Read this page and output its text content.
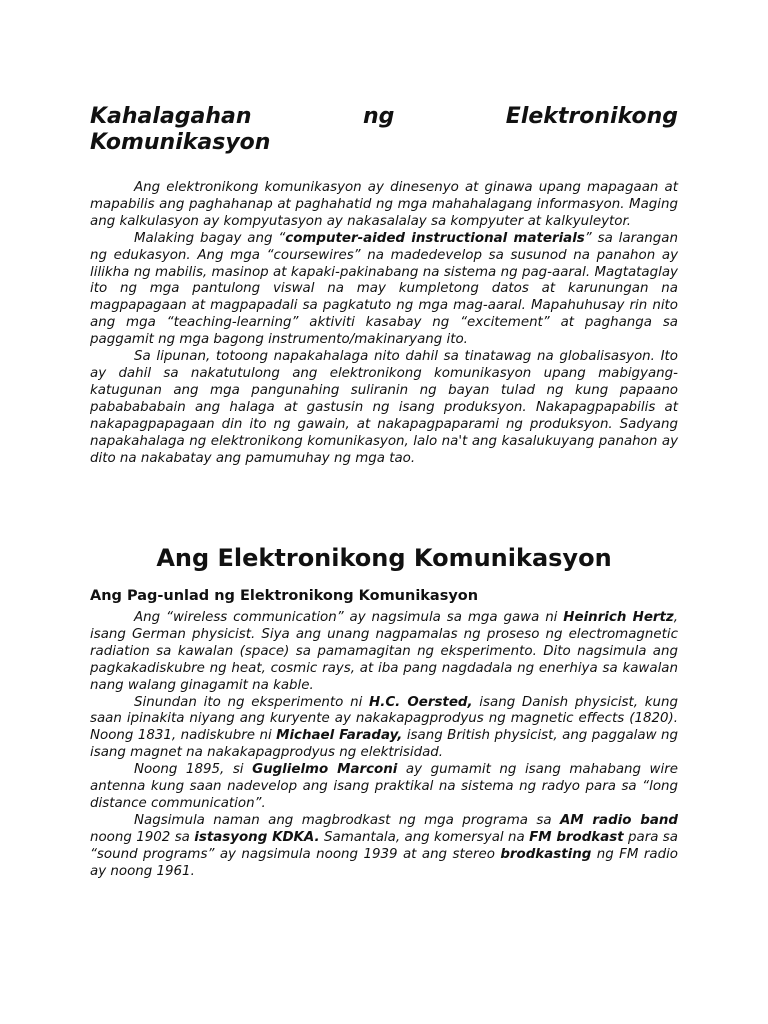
Kahalagahan	ng	Elektronikong
Komunikasyon

Ang elektronikong komunikasyon ay dinesenyo at ginawa upang mapagaan at mapabilis ang paghahanap at paghahatid ng mga mahahalagang informasyon. Maging ang kalkulasyon ay kompyutasyon ay nakasalalay sa kompyuter at kalkyuleytor.

Malaking bagay ang “computer-aided instructional materials” sa larangan ng edukasyon. Ang mga “coursewires” na madedevelop sa susunod na panahon ay lilikha ng mabilis, masinop at kapaki-pakinabang na sistema ng pag-aaral. Magtataglay ito ng mga pantulong viswal na may kumpletong datos at karunungan na magpapagaan at magpapadali sa pagkatuto ng mga mag-aaral. Mapahuhusay rin nito ang mga “teaching-learning” aktiviti kasabay ng “excitement” at paghanga sa paggamit ng mga bagong instrumento/makinaryang ito.

Sa lipunan, totoong napakahalaga nito dahil sa tinatawag na globalisasyon. Ito ay dahil sa nakatutulong ang elektronikong komunikasyon upang mabigyang-katugunan ang mga pangunahing suliranin ng bayan tulad ng kung papaano pababababain ang halaga at gastusin ng isang produksyon. Nakapagpapabilis at nakapagpapagaan din ito ng gawain, at nakapagpaparami ng produksyon. Sadyang napakahalaga ng elektronikong komunikasyon, lalo na't ang kasalukuyang panahon ay dito na nakabatay ang pamumuhay ng mga tao.

Ang Elektronikong Komunikasyon
Ang Pag-unlad ng Elektronikong Komunikasyon

Ang “wireless communication” ay nagsimula sa mga gawa ni Heinrich Hertz, isang German physicist. Siya ang unang nagpamalas ng proseso ng electromagnetic radiation sa kawalan (space) sa pamamagitan ng eksperimento. Dito nagsimula ang pagkakadiskubre ng heat, cosmic rays, at iba pang nagdadala ng enerhiya sa kawalan nang walang ginagamit na kable.

Sinundan ito ng eksperimento ni H.C. Oersted, isang Danish physicist, kung saan ipinakita niyang ang kuryente ay nakakapagprodyus ng magnetic effects (1820). Noong 1831, nadiskubre ni Michael Faraday, isang British physicist, ang paggalaw ng isang magnet na nakakapagprodyus ng elektrisidad.

Noong 1895, si Guglielmo Marconi ay gumamit ng isang mahabang wire antenna kung saan nadevelop ang isang praktikal na sistema ng radyo para sa “long distance communication”.

Nagsimula naman ang magbrodkast ng mga programa sa AM radio band noong 1902 sa istasyong KDKA. Samantala, ang komersyal na FM brodkast para sa “sound programs” ay nagsimula noong 1939 at ang stereo brodkasting ng FM radio ay noong 1961.
